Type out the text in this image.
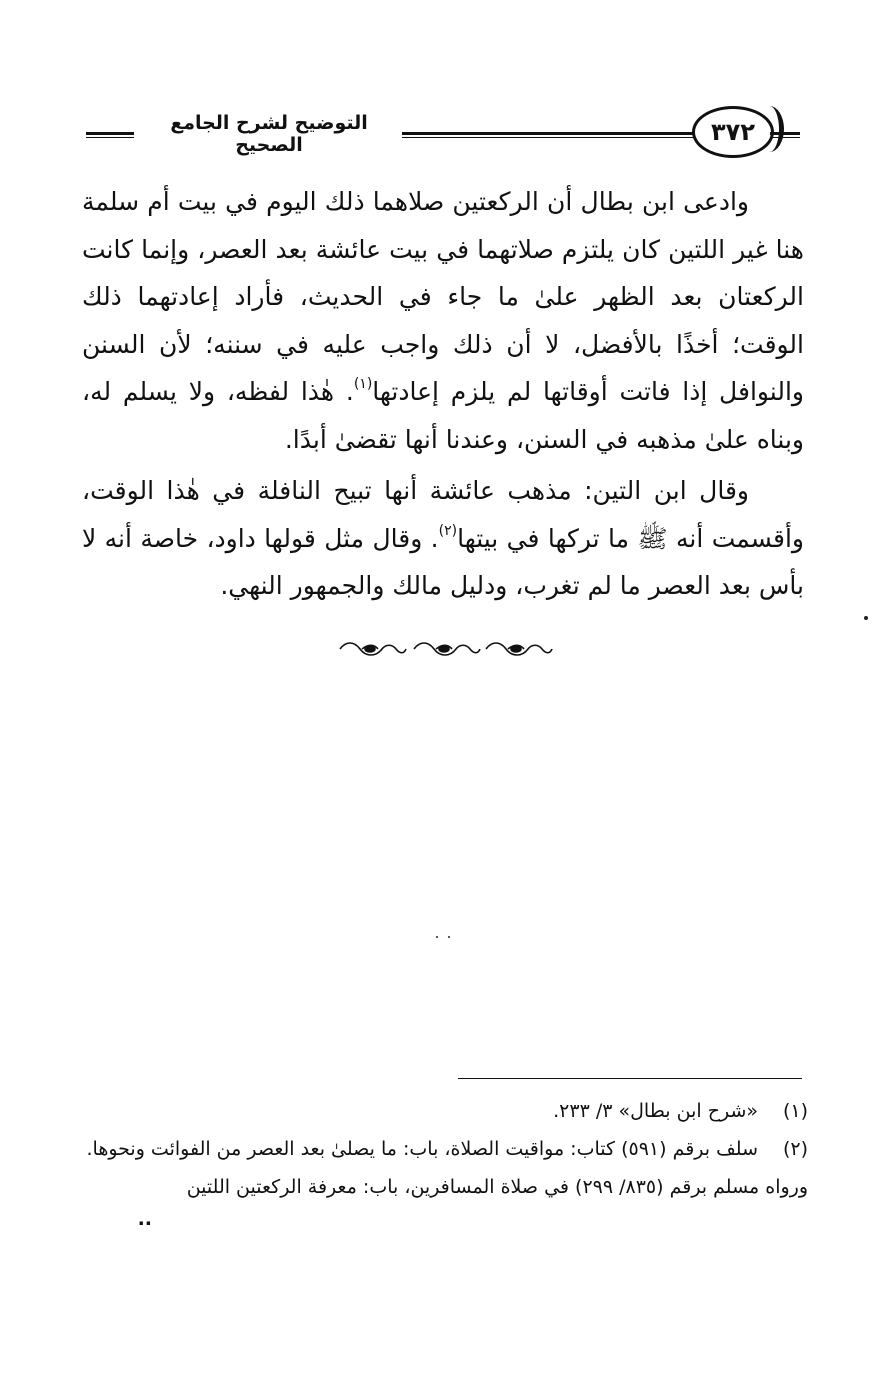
التوضيح لشرح الجامع الصحيح	٣٧٢

وادعى ابن بطال أن الركعتين صلاهما ذلك اليوم في بيت أم سلمة هنا غير اللتين كان يلتزم صلاتهما في بيت عائشة بعد العصر، وإنما كانت الركعتان بعد الظهر علىٰ ما جاء في الحديث، فأراد إعادتهما ذلك الوقت؛ أخذًا بالأفضل، لا أن ذلك واجب عليه في سننه؛ لأن السنن والنوافل إذا فاتت أوقاتها لم يلزم إعادتها$^{(١)}$. هٰذا لفظه، ولا يسلم له، وبناه علىٰ مذهبه في السنن، وعندنا أنها تقضىٰ أبدًا.

وقال ابن التين: مذهب عائشة أنها تبيح النافلة في هٰذا الوقت، وأقسمت أنه ﷺ ما تركها في بيتها$^{(٢)}$. وقال مثل قولها داود، خاصة أنه لا بأس بعد العصر ما لم تغرب، ودليل مالك والجمهور النهي.

(١)
«شرح ابن بطال» ٣/ ٢٣٣.
(٢)
سلف برقم (٥٩١) كتاب: مواقيت الصلاة، باب: ما يصلىٰ بعد العصر من الفوائت ونحوها.

ورواه مسلم برقم (٨٣٥/ ٢٩٩) في صلاة المسافرين، باب: معرفة الركعتين اللتين

..
